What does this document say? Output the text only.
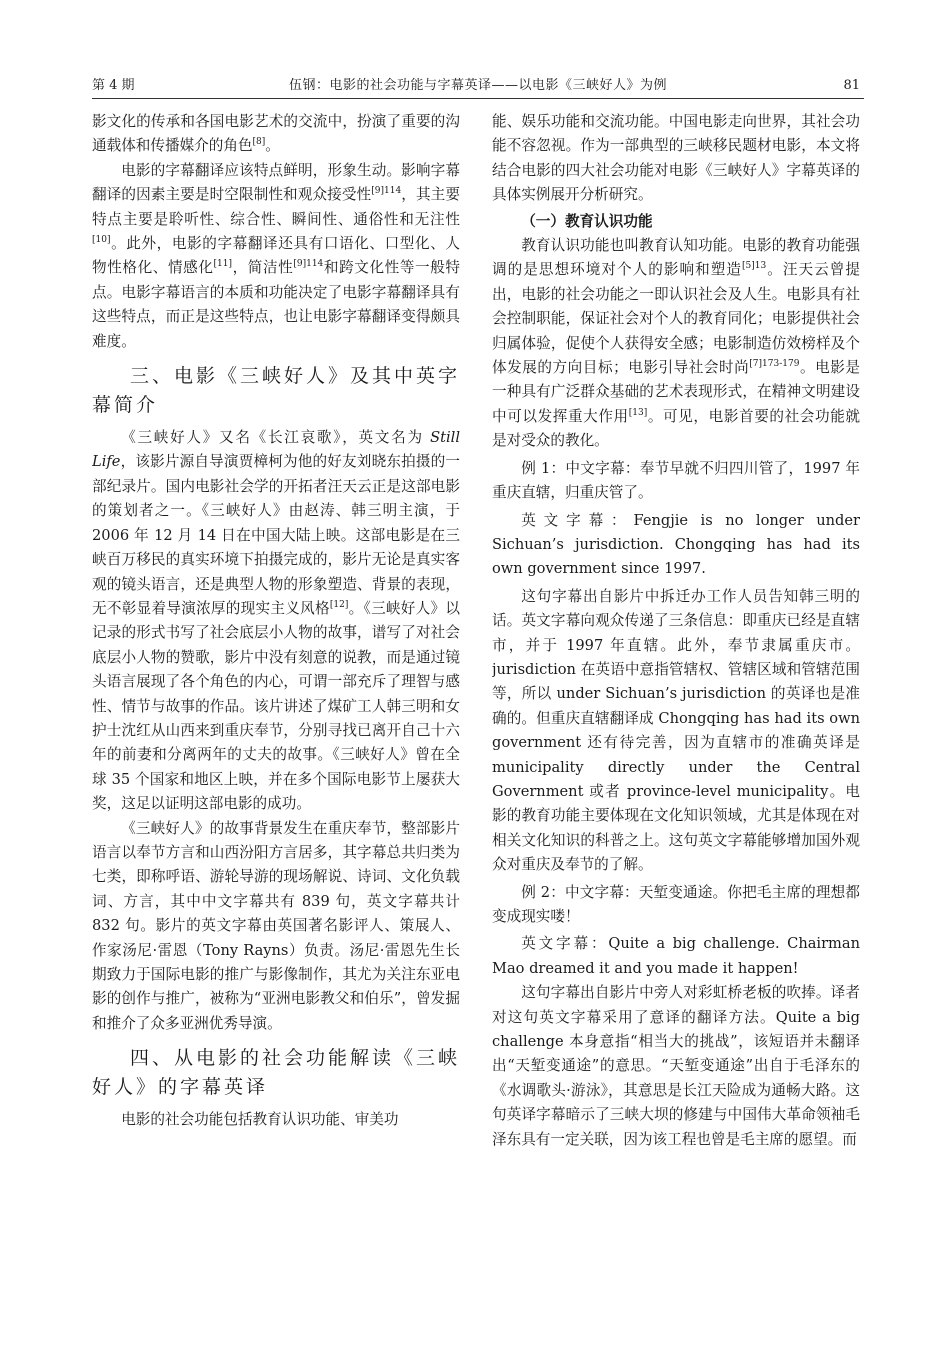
第 4 期	伍钢：电影的社会功能与字幕英译——以电影《三峡好人》为例	81

影文化的传承和各国电影艺术的交流中，扮演了重要的沟通载体和传播媒介的角色[8]。

电影的字幕翻译应该特点鲜明，形象生动。影响字幕翻译的因素主要是时空限制性和观众接受性$^{[9]114}$，其主要特点主要是聆听性、综合性、瞬间性、通俗性和无注性[10]。此外，电影的字幕翻译还具有口语化、口型化、人物性格化、情感化[11]，简洁性$^{[9]114}$和跨文化性等一般特点。电影字幕语言的本质和功能决定了电影字幕翻译具有这些特点，而正是这些特点，也让电影字幕翻译变得颇具难度。

三、电影《三峡好人》及其中英字幕简介

《三峡好人》又名《长江哀歌》，英文名为 Still Life，该影片源自导演贾樟柯为他的好友刘晓东拍摄的一部纪录片。国内电影社会学的开拓者汪天云正是这部电影的策划者之一。《三峡好人》由赵涛、韩三明主演，于 2006 年 12 月 14 日在中国大陆上映。这部电影是在三峡百万移民的真实环境下拍摄完成的，影片无论是真实客观的镜头语言，还是典型人物的形象塑造、背景的表现，无不彰显着导演浓厚的现实主义风格[12]。《三峡好人》以记录的形式书写了社会底层小人物的故事，谱写了对社会底层小人物的赞歌，影片中没有刻意的说教，而是通过镜头语言展现了各个角色的内心，可谓一部充斥了理智与感性、情节与故事的作品。该片讲述了煤矿工人韩三明和女护士沈红从山西来到重庆奉节，分别寻找已离开自己十六年的前妻和分离两年的丈夫的故事。《三峡好人》曾在全球 35 个国家和地区上映，并在多个国际电影节上屡获大奖，这足以证明这部电影的成功。

《三峡好人》的故事背景发生在重庆奉节，整部影片语言以奉节方言和山西汾阳方言居多，其字幕总共归类为七类，即称呼语、游轮导游的现场解说、诗词、文化负载词、方言，其中中文字幕共有 839 句，英文字幕共计 832 句。影片的英文字幕由英国著名影评人、策展人、作家汤尼·雷恩（Tony Rayns）负责。汤尼·雷恩先生长期致力于国际电影的推广与影像制作，其尤为关注东亚电影的创作与推广，被称为“亚洲电影教父和伯乐”，曾发掘和推介了众多亚洲优秀导演。

四、从电影的社会功能解读《三峡好人》的字幕英译

电影的社会功能包括教育认识功能、审美功

能、娱乐功能和交流功能。中国电影走向世界，其社会功能不容忽视。作为一部典型的三峡移民题材电影，本文将结合电影的四大社会功能对电影《三峡好人》字幕英译的具体实例展开分析研究。

（一）教育认识功能

教育认识功能也叫教育认知功能。电影的教育功能强调的是思想环境对个人的影响和塑造$^{[5]13}$。汪天云曾提出，电影的社会功能之一即认识社会及人生。电影具有社会控制职能，保证社会对个人的教育同化；电影提供社会归属体验，促使个人获得安全感；电影制造仿效榜样及个体发展的方向目标；电影引导社会时尚$^{[7]173-179}$。电影是一种具有广泛群众基础的艺术表现形式，在精神文明建设中可以发挥重大作用[13]。可见，电影首要的社会功能就是对受众的教化。

例 1：中文字幕：奉节早就不归四川管了，1997 年重庆直辖，归重庆管了。

英文字幕：Fengjie is no longer under Sichuan’s jurisdiction. Chongqing has had its own government since 1997.

这句字幕出自影片中拆迁办工作人员告知韩三明的话。英文字幕向观众传递了三条信息：即重庆已经是直辖市，并于 1997 年直辖。此外，奉节隶属重庆市。jurisdiction 在英语中意指管辖权、管辖区域和管辖范围等，所以 under Sichuan’s jurisdiction 的英译也是准确的。但重庆直辖翻译成 Chongqing has had its own government 还有待完善，因为直辖市的准确英译是 municipality directly under the Central Government 或者 province-level municipality。电影的教育功能主要体现在文化知识领域，尤其是体现在对相关文化知识的科普之上。这句英文字幕能够增加国外观众对重庆及奉节的了解。

例 2：中文字幕：天堑变通途。你把毛主席的理想都变成现实喽！

英文字幕：Quite a big challenge. Chairman Mao dreamed it and you made it happen!

这句字幕出自影片中旁人对彩虹桥老板的吹捧。译者对这句英文字幕采用了意译的翻译方法。Quite a big challenge 本身意指“相当大的挑战”，该短语并未翻译出“天堑变通途”的意思。“天堑变通途”出自于毛泽东的《水调歌头·游泳》，其意思是长江天险成为通畅大路。这句英译字幕暗示了三峡大坝的修建与中国伟大革命领袖毛泽东具有一定关联，因为该工程也曾是毛主席的愿望。而
